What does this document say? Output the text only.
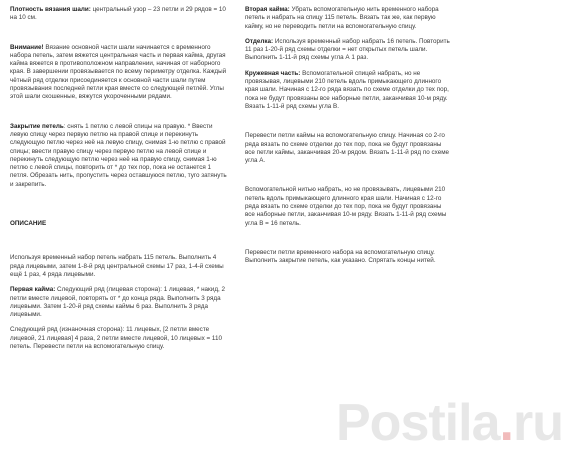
Плотность вязания шали: центральный узор – 23 петли и 29 рядов = 10 на 10 см.

Внимание! Вязание основной части шали начинается с временного набора петель, затем вяжется центральная часть и первая кайма, другая кайма вяжется в противоположном направлении, начиная от наборного края. В завершении провязывается по всему периметру отделка. Каждый чётный ряд отделки присоединяется к основной части шали путем провязывания последней петли края вместе со следующей петлёй. Углы этой шали скошенные, вяжутся укороченными рядами.

Закрытие петель: снять 1 петлю с левой спицы на правую. * Ввести левую спицу через первую петлю на правой спице и перекинуть следующую петлю через неё на левую спицу, снимая 1-ю петлю с правой спицы; ввести правую спицу через первую петлю на левой спице и перекинуть следующую петлю через неё на правую спицу, снимая 1-ю петлю с левой спицы, повторить от * до тех пор, пока не останется 1 петля. Обрезать нить, пропустить через оставшуюся петлю, туго затянуть и закрепить.

ОПИСАНИЕ

Используя временный набор петель набрать 115 петель. Выполнить 4 ряда лицевыми, затем 1-8-й ряд центральной схемы 17 раз, 1-4-й схемы ещё 1 раз, 4 ряда лицевыми.

Первая кайма: Следующий ряд (лицевая сторона): 1 лицевая, * накид, 2 петли вместе лицевой, повторять от * до конца ряда. Выполнить 3 ряда лицевыми. Затем 1-20-й ряд схемы каймы 6 раз. Выполнить 3 ряда лицевыми.

Следующий ряд (изнаночная сторона): 11 лицевых, [2 петли вместе лицевой, 21 лицевая] 4 раза, 2 петли вместе лицевой, 10 лицевых = 110 петель. Перевести петли на вспомогательную спицу.

Вторая кайма: Убрать вспомогательную нить временного набора петель и набрать на спицу 115 петель. Вязать так же, как первую кайму, но не переводить петли на вспомогательную спицу.

Отделка: Используя временный набор набрать 16 петель. Повторить 11 раз 1-20-й ряд схемы отделки = нет открытых петель шали. Выполнить 1-11-й ряд схемы угла А 1 раз.

Кружевная часть: Вспомогательной спицей набрать, но не провязывая, лицевыми 210 петель вдоль примыкающего длинного края шали. Начиная с 12-го ряда вязать по схеме отделки до тех пор, пока не будут провязаны все наборные петли, заканчивая 10-м ряду. Вязать 1-11-й ряд схемы угла В.

Перевести петли каймы на вспомогательную спицу. Начиная со 2-го ряда вязать по схеме отделки до тех пор, пока не будут провязаны все петли каймы, заканчивая 20-м рядом. Вязать 1-11-й ряд по схеме угла А.

Вспомогательной нитью набрать, но не провязывать, лицевыми 210 петель вдоль примыкающего длинного края шали. Начиная с 12-го ряда вязать по схеме отделки до тех пор, пока не будут провязаны все наборные петли, заканчивая 10-м ряду. Вязать 1-11-й ряд схемы угла В = 16 петель.

Перевести петли временного набора на вспомогательную спицу. Выполнить закрытие петель, как указано. Спрятать концы нитей.

Postila.ru
